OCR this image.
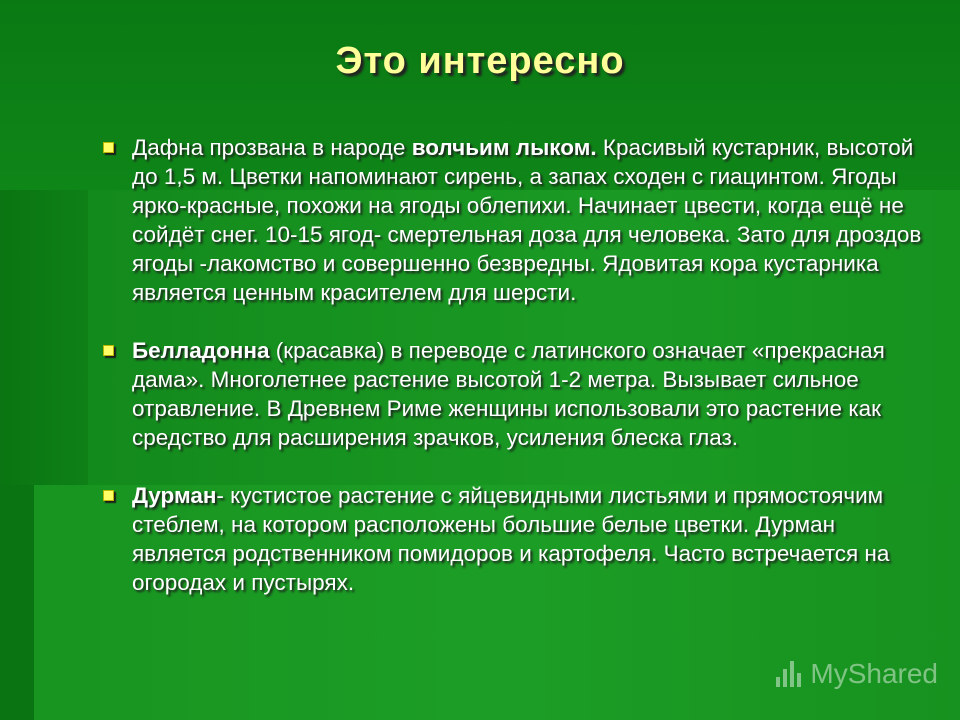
Это интересно
Дафна прозвана в народе волчьим лыком. Красивый кустарник, высотой до 1,5 м. Цветки напоминают сирень, а запах сходен с гиацинтом. Ягоды ярко-красные, похожи на ягоды облепихи. Начинает цвести, когда ещё не сойдёт снег. 10-15 ягод- смертельная доза для человека. Зато для дроздов ягоды -лакомство и совершенно безвредны. Ядовитая кора кустарника является ценным красителем для шерсти.
Белладонна (красавка) в переводе с латинского означает «прекрасная дама». Многолетнее растение высотой 1-2 метра. Вызывает сильное отравление. В Древнем Риме женщины использовали это растение как средство для расширения зрачков, усиления блеска глаз.
Дурман- кустистое растение с яйцевидными листьями и прямостоячим стеблем, на котором расположены большие белые цветки. Дурман является родственником помидоров и картофеля. Часто встречается на огородах и пустырях.
MyShared
